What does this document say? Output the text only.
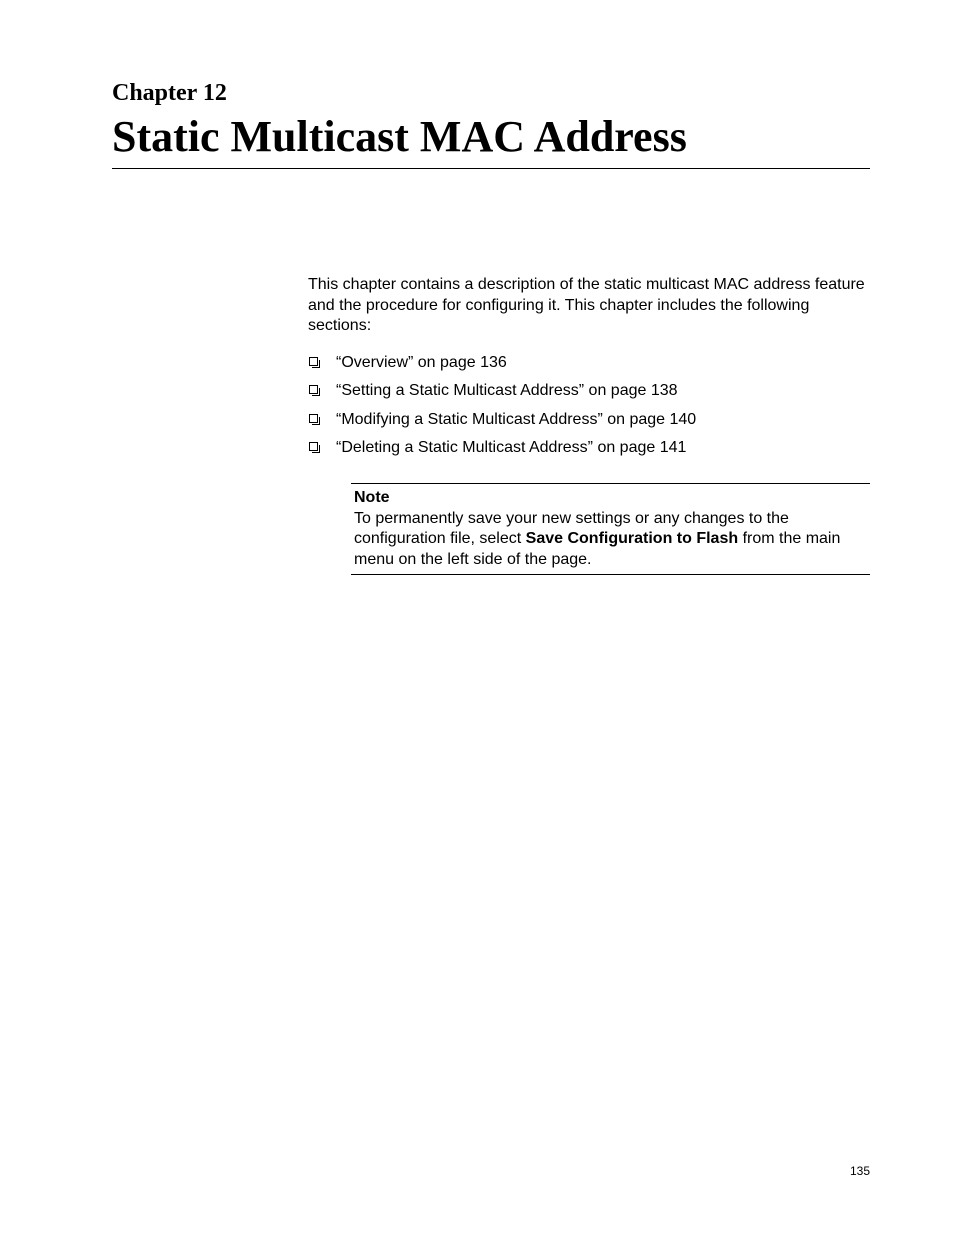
Chapter 12
Static Multicast MAC Address

This chapter contains a description of the static multicast MAC address feature and the procedure for configuring it. This chapter includes the following sections:

“Overview” on page 136
“Setting a Static Multicast Address” on page 138
“Modifying a Static Multicast Address” on page 140
“Deleting a Static Multicast Address” on page 141
Note
To permanently save your new settings or any changes to the configuration file, select Save Configuration to Flash from the main menu on the left side of the page.
135
